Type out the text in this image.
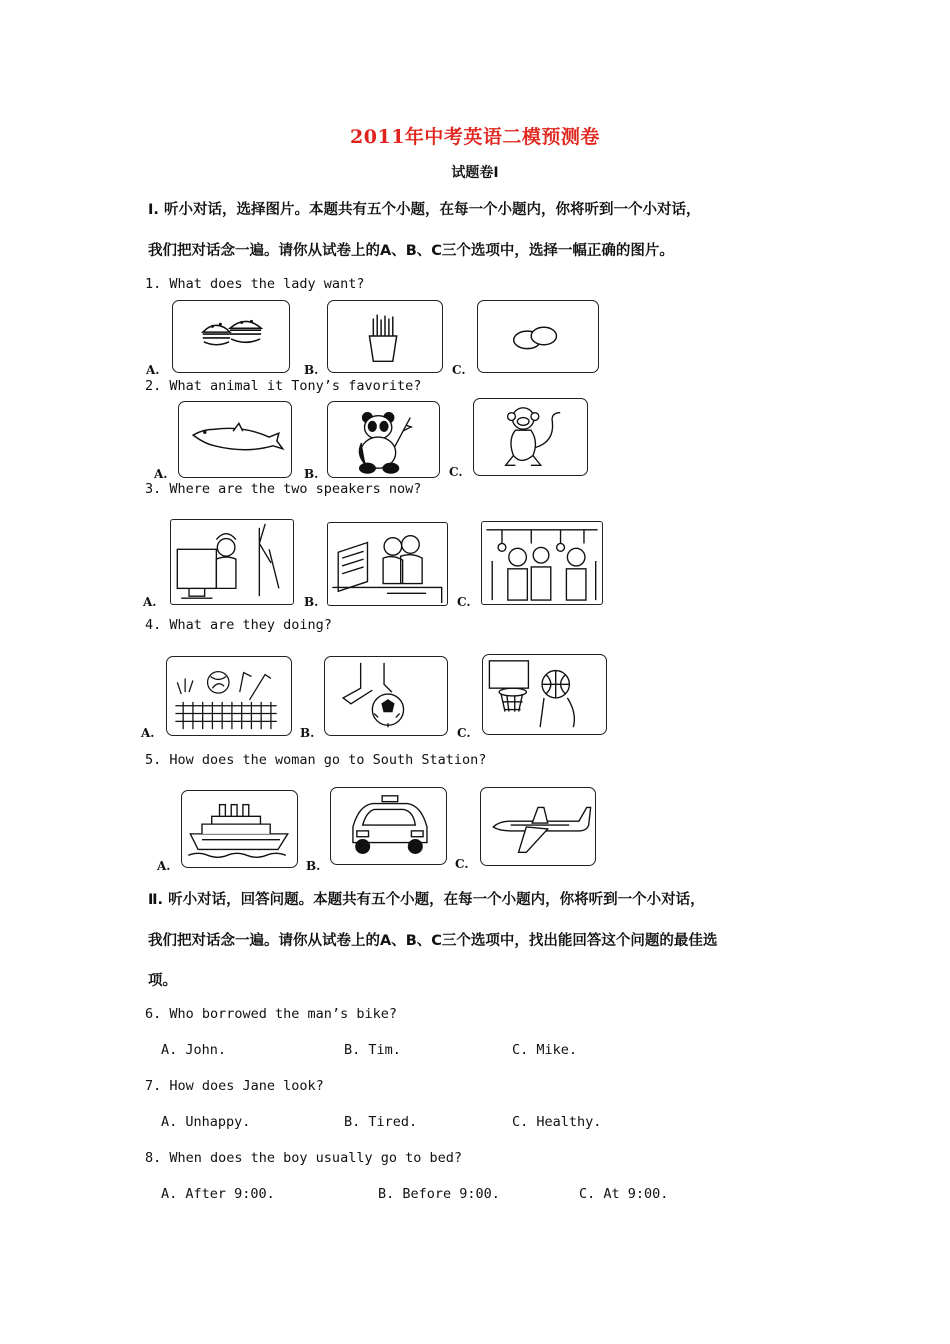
2011年中考英语二模预测卷
试题卷Ⅰ
Ⅰ. 听小对话，选择图片。本题共有五个小题，在每一个小题内，你将听到一个小对话，
我们把对话念一遍。请你从试卷上的A、B、C三个选项中，选择一幅正确的图片。
1. What does the lady want?
A.	B.	C.
2. What animal it Tony’s favorite?
A.	B.	C.
3. Where are the two speakers now?
A.	B.	C.
4. What are they doing?
A.	B.	C.
5. How does the woman go to South Station?
A.	B.	C.
Ⅱ. 听小对话，回答问题。本题共有五个小题，在每一个小题内，你将听到一个小对话，
我们把对话念一遍。请你从试卷上的A、B、C三个选项中，找出能回答这个问题的最佳选
项。
6. Who borrowed the man’s bike?
A. John.	B. Tim.	C. Mike.
7. How does Jane look?
A. Unhappy.	B. Tired.	C. Healthy.
8. When does the boy usually go to bed?
A. After 9:00.	B. Before 9:00.	C. At 9:00.
